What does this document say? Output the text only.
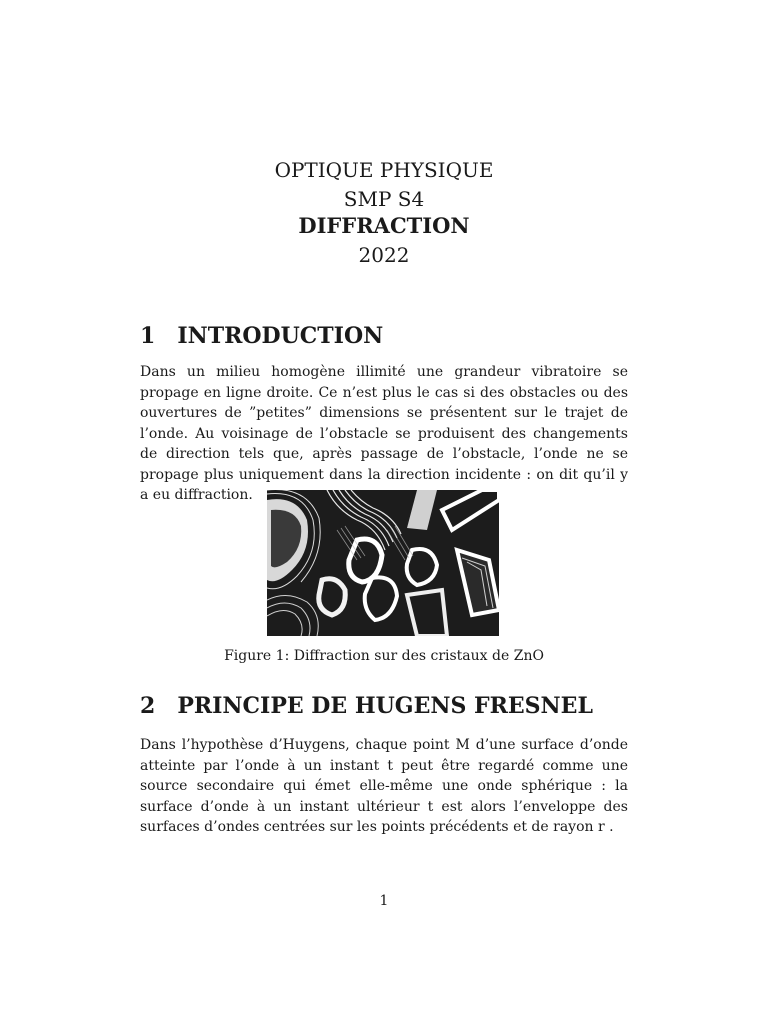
OPTIQUE PHYSIQUE
SMP S4
DIFFRACTION
2022
1 INTRODUCTION

Dans un milieu homogène illimité une grandeur vibratoire se propage en ligne droite. Ce n’est plus le cas si des obstacles ou des ouvertures de ”petites” dimensions se présentent sur le trajet de l’onde. Au voisinage de l’obstacle se produisent des changements de direction tels que, après passage de l’obstacle, l’onde ne se propage plus uniquement dans la direction incidente : on dit qu’il y a eu diffraction.

Figure 1: Diffraction sur des cristaux de ZnO
2 PRINCIPE DE HUGENS FRESNEL

Dans l’hypothèse d’Huygens, chaque point M d’une surface d’onde atteinte par l’onde à un instant t peut être regardé comme une source secondaire qui émet elle-même une onde sphérique : la surface d’onde à un instant ultérieur t est alors l’enveloppe des surfaces d’ondes centrées sur les points précédents et de rayon r .

1
